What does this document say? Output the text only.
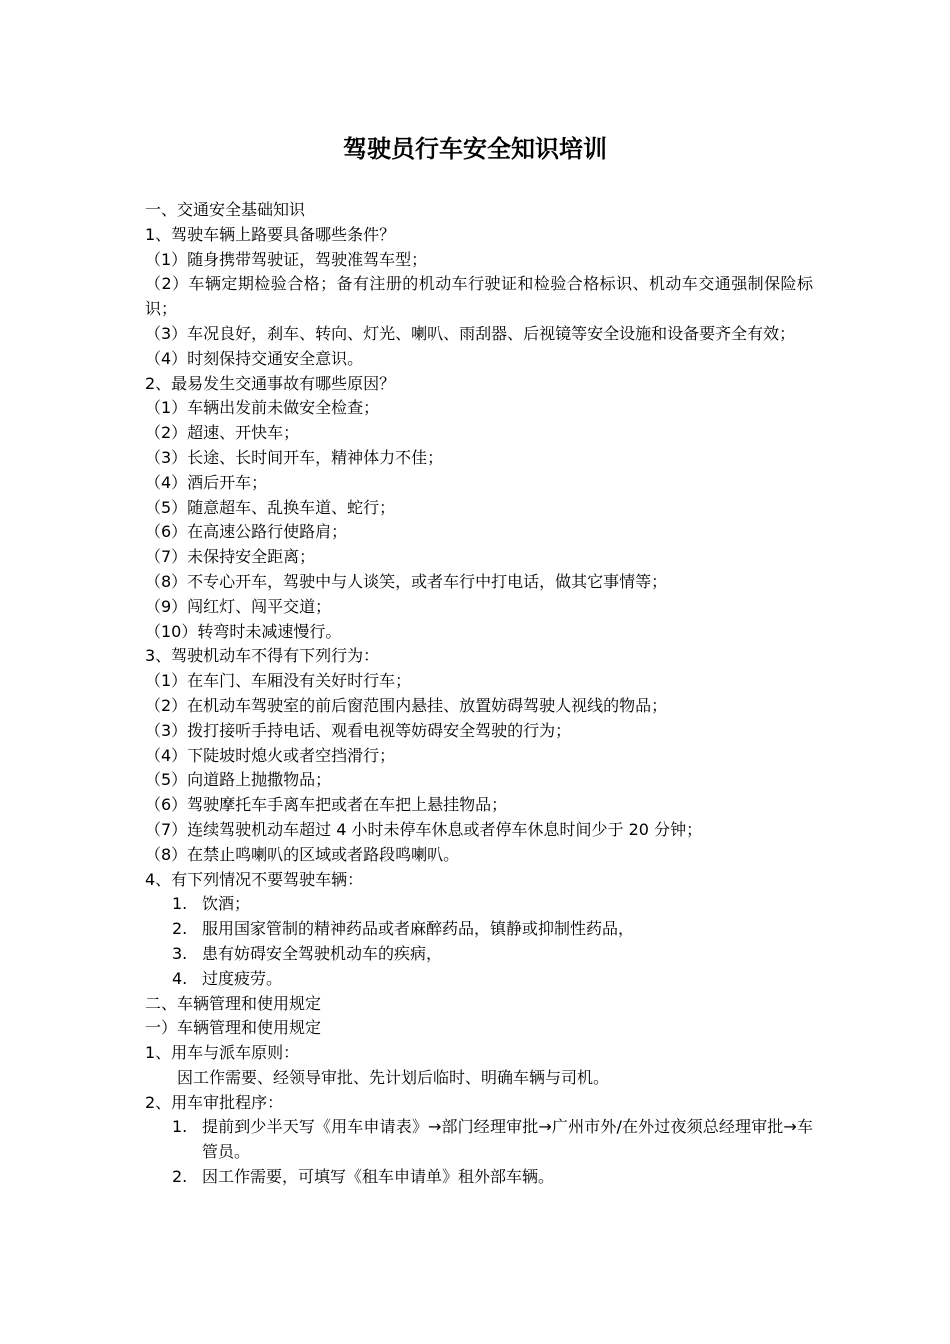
驾驶员行车安全知识培训
一、交通安全基础知识
1、驾驶车辆上路要具备哪些条件？
（1）随身携带驾驶证，驾驶准驾车型；
（2）车辆定期检验合格；备有注册的机动车行驶证和检验合格标识、机动车交通强制保险标识；
（3）车况良好，刹车、转向、灯光、喇叭、雨刮器、后视镜等安全设施和设备要齐全有效；
（4）时刻保持交通安全意识。
2、最易发生交通事故有哪些原因？
（1）车辆出发前未做安全检查；
（2）超速、开快车；
（3）长途、长时间开车，精神体力不佳；
（4）酒后开车；
（5）随意超车、乱换车道、蛇行；
（6）在高速公路行使路肩；
（7）未保持安全距离；
（8）不专心开车，驾驶中与人谈笑，或者车行中打电话，做其它事情等；
（9）闯红灯、闯平交道；
（10）转弯时未减速慢行。
3、驾驶机动车不得有下列行为：
（1）在车门、车厢没有关好时行车；
（2）在机动车驾驶室的前后窗范围内悬挂、放置妨碍驾驶人视线的物品；
（3）拨打接听手持电话、观看电视等妨碍安全驾驶的行为；
（4）下陡坡时熄火或者空挡滑行；
（5）向道路上抛撒物品；
（6）驾驶摩托车手离车把或者在车把上悬挂物品；
（7）连续驾驶机动车超过 4 小时未停车休息或者停车休息时间少于 20 分钟；
（8）在禁止鸣喇叭的区域或者路段鸣喇叭。
4、有下列情况不要驾驶车辆：
1. 饮酒；
2. 服用国家管制的精神药品或者麻醉药品，镇静或抑制性药品，
3. 患有妨碍安全驾驶机动车的疾病，
4. 过度疲劳。
二、车辆管理和使用规定
一）车辆管理和使用规定
1、用车与派车原则：
因工作需要、经领导审批、先计划后临时、明确车辆与司机。
2、用车审批程序：
1. 提前到少半天写《用车申请表》→部门经理审批→广州市外/在外过夜须总经理审批→车管员。
2. 因工作需要，可填写《租车申请单》租外部车辆。
